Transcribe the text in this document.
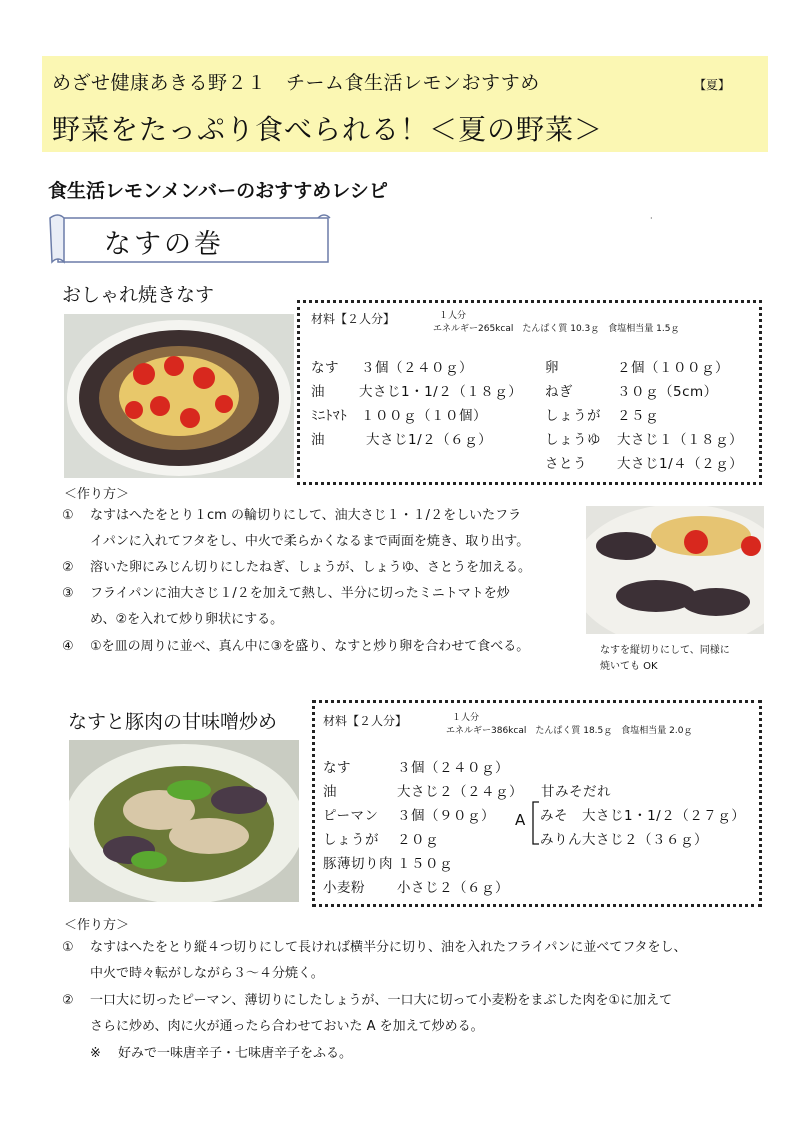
めざせ健康あきる野２１　チーム食生活レモンおすすめ	【夏】
野菜をたっぷり食べられる！＜夏の野菜＞
食生活レモンメンバーのおすすめレシピ
·
なすの巻
おしゃれ焼きなす
材料【２人分】	１人分
エネルギー265kcal　たんぱく質 10.3ｇ　食塩相当量 1.5ｇ
なす ３個（２４０ｇ）
油	大さじ1・1/２（１８ｇ）
ﾐﾆﾄﾏﾄ １００ｇ（１０個）
油	大さじ1/２（６ｇ）
卵	２個（１００ｇ）
ねぎ	３０ｇ（5cm）
しょうが ２５ｇ
しょうゆ 大さじ１（１８ｇ）
さとう 大さじ1/４（２ｇ）
＜作り方＞
① なすはへたをとり１cm の輪切りにして、油大さじ１・１/２をしいたフラ
イパンに入れてフタをし、中火で柔らかくなるまで両面を焼き、取り出す。
② 溶いた卵にみじん切りにしたねぎ、しょうが、しょうゆ、さとうを加える。
③ フライパンに油大さじ１/２を加えて熱し、半分に切ったミニトマトを炒
め、②を入れて炒り卵状にする。
④ ①を皿の周りに並べ、真ん中に③を盛り、なすと炒り卵を合わせて食べる。	なすを縦切りにして、同様に
焼いても OK
なすと豚肉の甘味噌炒め	材料【２人分】	１人分
エネルギー386kcal　たんぱく質 18.5ｇ　食塩相当量 2.0ｇ
なす	３個（２４０ｇ）
油	大さじ２（２４ｇ）
ピーマン ３個（９０ｇ）
しょうが ２０ｇ
豚薄切り肉 １５０ｇ
小麦粉 小さじ２（６ｇ）
甘みそだれ
A みそ　大さじ1・1/２（２７ｇ）
みりん大さじ２（３６ｇ）
＜作り方＞
① なすはへたをとり縦４つ切りにして長ければ横半分に切り、油を入れたフライパンに並べてフタをし、
中火で時々転がしながら３～４分焼く。
② 一口大に切ったピーマン、薄切りにしたしょうが、一口大に切って小麦粉をまぶした肉を①に加えて
さらに炒め、肉に火が通ったら合わせておいた A を加えて炒める。
※ 好みで一味唐辛子・七味唐辛子をふる。
